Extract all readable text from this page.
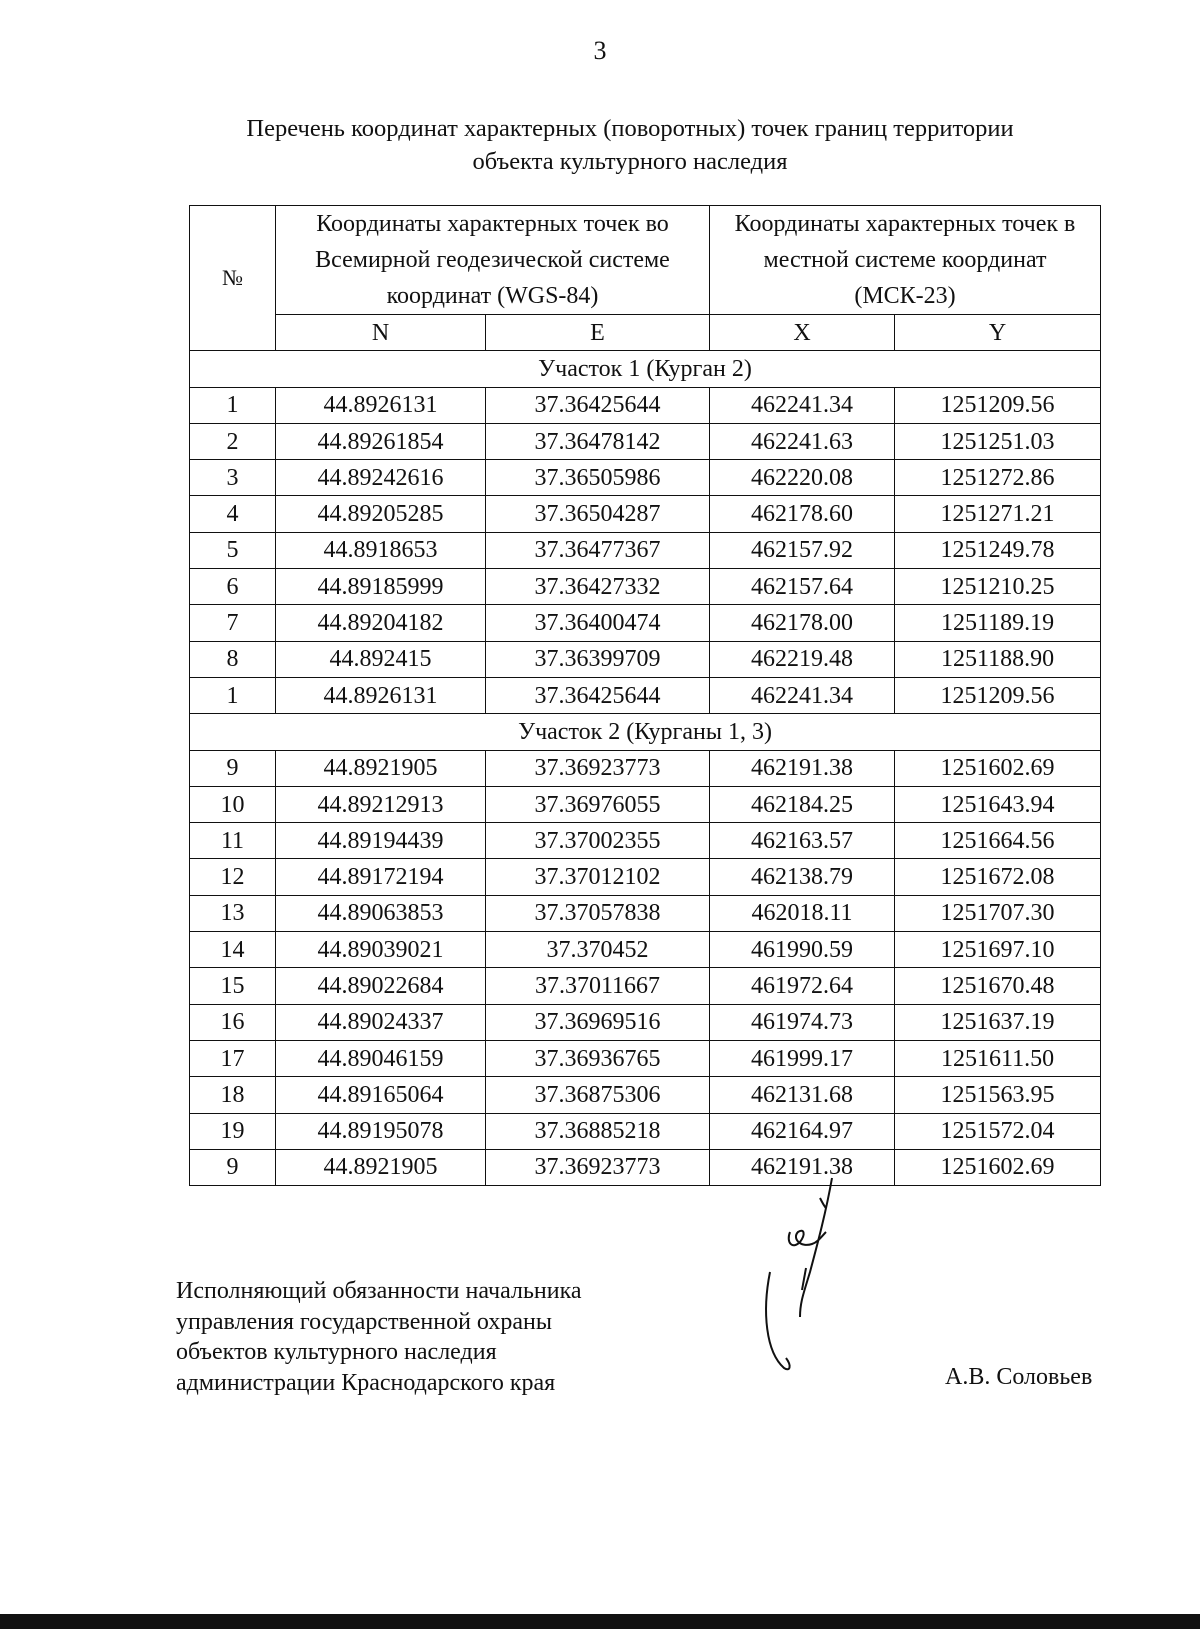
3
Перечень координат характерных (поворотных) точек границ территории
объекта культурного наследия
№	Координаты характерных точек во Всемирной геодезической системе координат (WGS-84)		Координаты характерных точек в местной системе координат (МСК-23)	
	N	E	X	Y
Участок 1 (Курган 2)				
1	44.8926131	37.36425644	462241.34	1251209.56
2	44.89261854	37.36478142	462241.63	1251251.03
3	44.89242616	37.36505986	462220.08	1251272.86
4	44.89205285	37.36504287	462178.60	1251271.21
5	44.8918653	37.36477367	462157.92	1251249.78
6	44.89185999	37.36427332	462157.64	1251210.25
7	44.89204182	37.36400474	462178.00	1251189.19
8	44.892415	37.36399709	462219.48	1251188.90
1	44.8926131	37.36425644	462241.34	1251209.56
Участок 2 (Курганы 1, 3)				
9	44.8921905	37.36923773	462191.38	1251602.69
10	44.89212913	37.36976055	462184.25	1251643.94
11	44.89194439	37.37002355	462163.57	1251664.56
12	44.89172194	37.37012102	462138.79	1251672.08
13	44.89063853	37.37057838	462018.11	1251707.30
14	44.89039021	37.370452	461990.59	1251697.10
15	44.89022684	37.37011667	461972.64	1251670.48
16	44.89024337	37.36969516	461974.73	1251637.19
17	44.89046159	37.36936765	461999.17	1251611.50
18	44.89165064	37.36875306	462131.68	1251563.95
19	44.89195078	37.36885218	462164.97	1251572.04
9	44.8921905	37.36923773	462191.38	1251602.69
Исполняющий обязанности начальника
управления государственной охраны
объектов культурного наследия
администрации Краснодарского края	А.В. Соловьев
